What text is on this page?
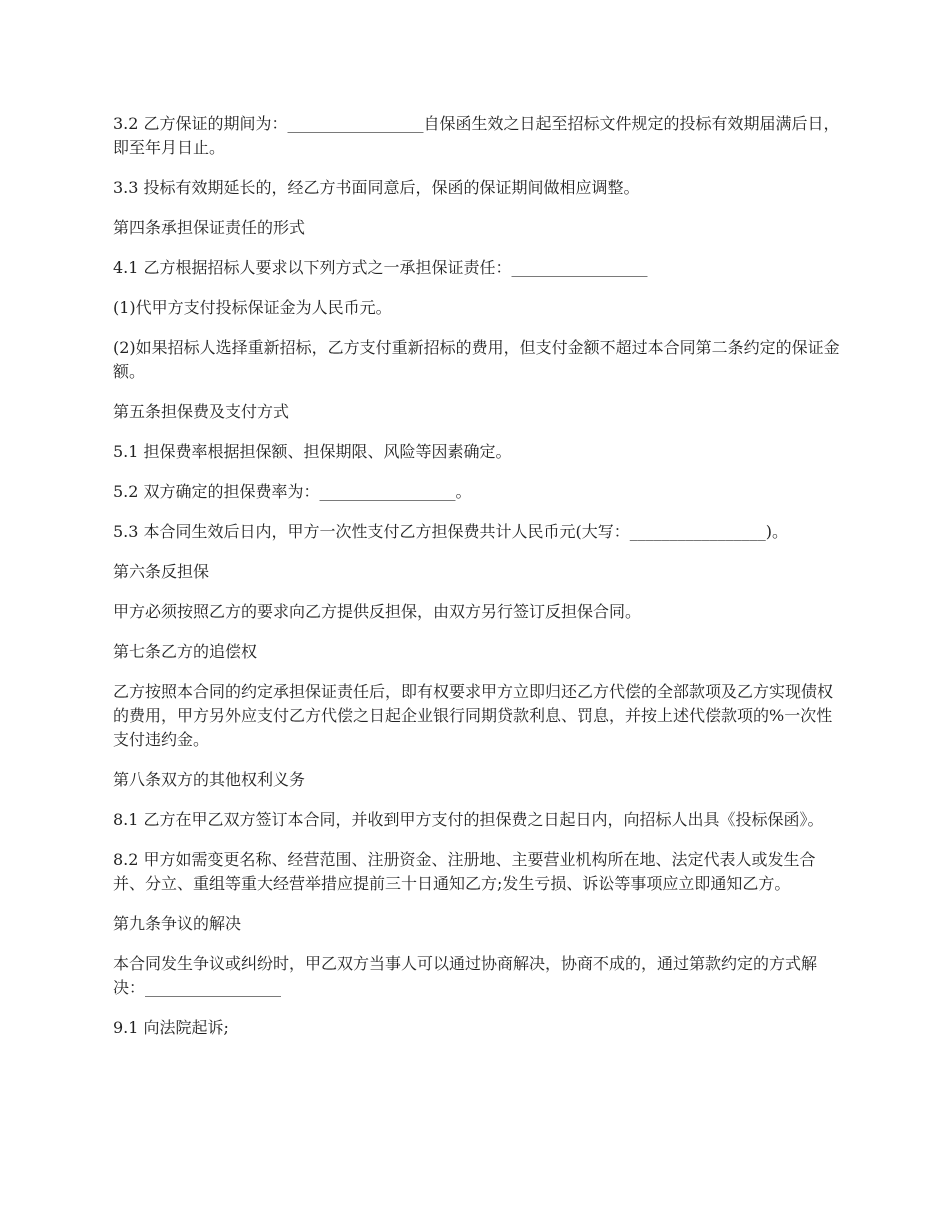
3.2 乙方保证的期间为：_________________自保函生效之日起至招标文件规定的投标有效期届满后日，即至年月日止。

3.3 投标有效期延长的，经乙方书面同意后，保函的保证期间做相应调整。

第四条承担保证责任的形式

4.1 乙方根据招标人要求以下列方式之一承担保证责任：_________________

(1)代甲方支付投标保证金为人民币元。

(2)如果招标人选择重新招标，乙方支付重新招标的费用，但支付金额不超过本合同第二条约定的保证金额。

第五条担保费及支付方式

5.1 担保费率根据担保额、担保期限、风险等因素确定。

5.2 双方确定的担保费率为：_________________。

5.3 本合同生效后日内，甲方一次性支付乙方担保费共计人民币元(大写：_________________)。

第六条反担保

甲方必须按照乙方的要求向乙方提供反担保，由双方另行签订反担保合同。

第七条乙方的追偿权

乙方按照本合同的约定承担保证责任后，即有权要求甲方立即归还乙方代偿的全部款项及乙方实现债权的费用，甲方另外应支付乙方代偿之日起企业银行同期贷款利息、罚息，并按上述代偿款项的%一次性支付违约金。

第八条双方的其他权利义务

8.1 乙方在甲乙双方签订本合同，并收到甲方支付的担保费之日起日内，向招标人出具《投标保函》。

8.2 甲方如需变更名称、经营范围、注册资金、注册地、主要营业机构所在地、法定代表人或发生合并、分立、重组等重大经营举措应提前三十日通知乙方;发生亏损、诉讼等事项应立即通知乙方。

第九条争议的解决

本合同发生争议或纠纷时，甲乙双方当事人可以通过协商解决，协商不成的，通过第款约定的方式解决：_________________

9.1 向法院起诉;
